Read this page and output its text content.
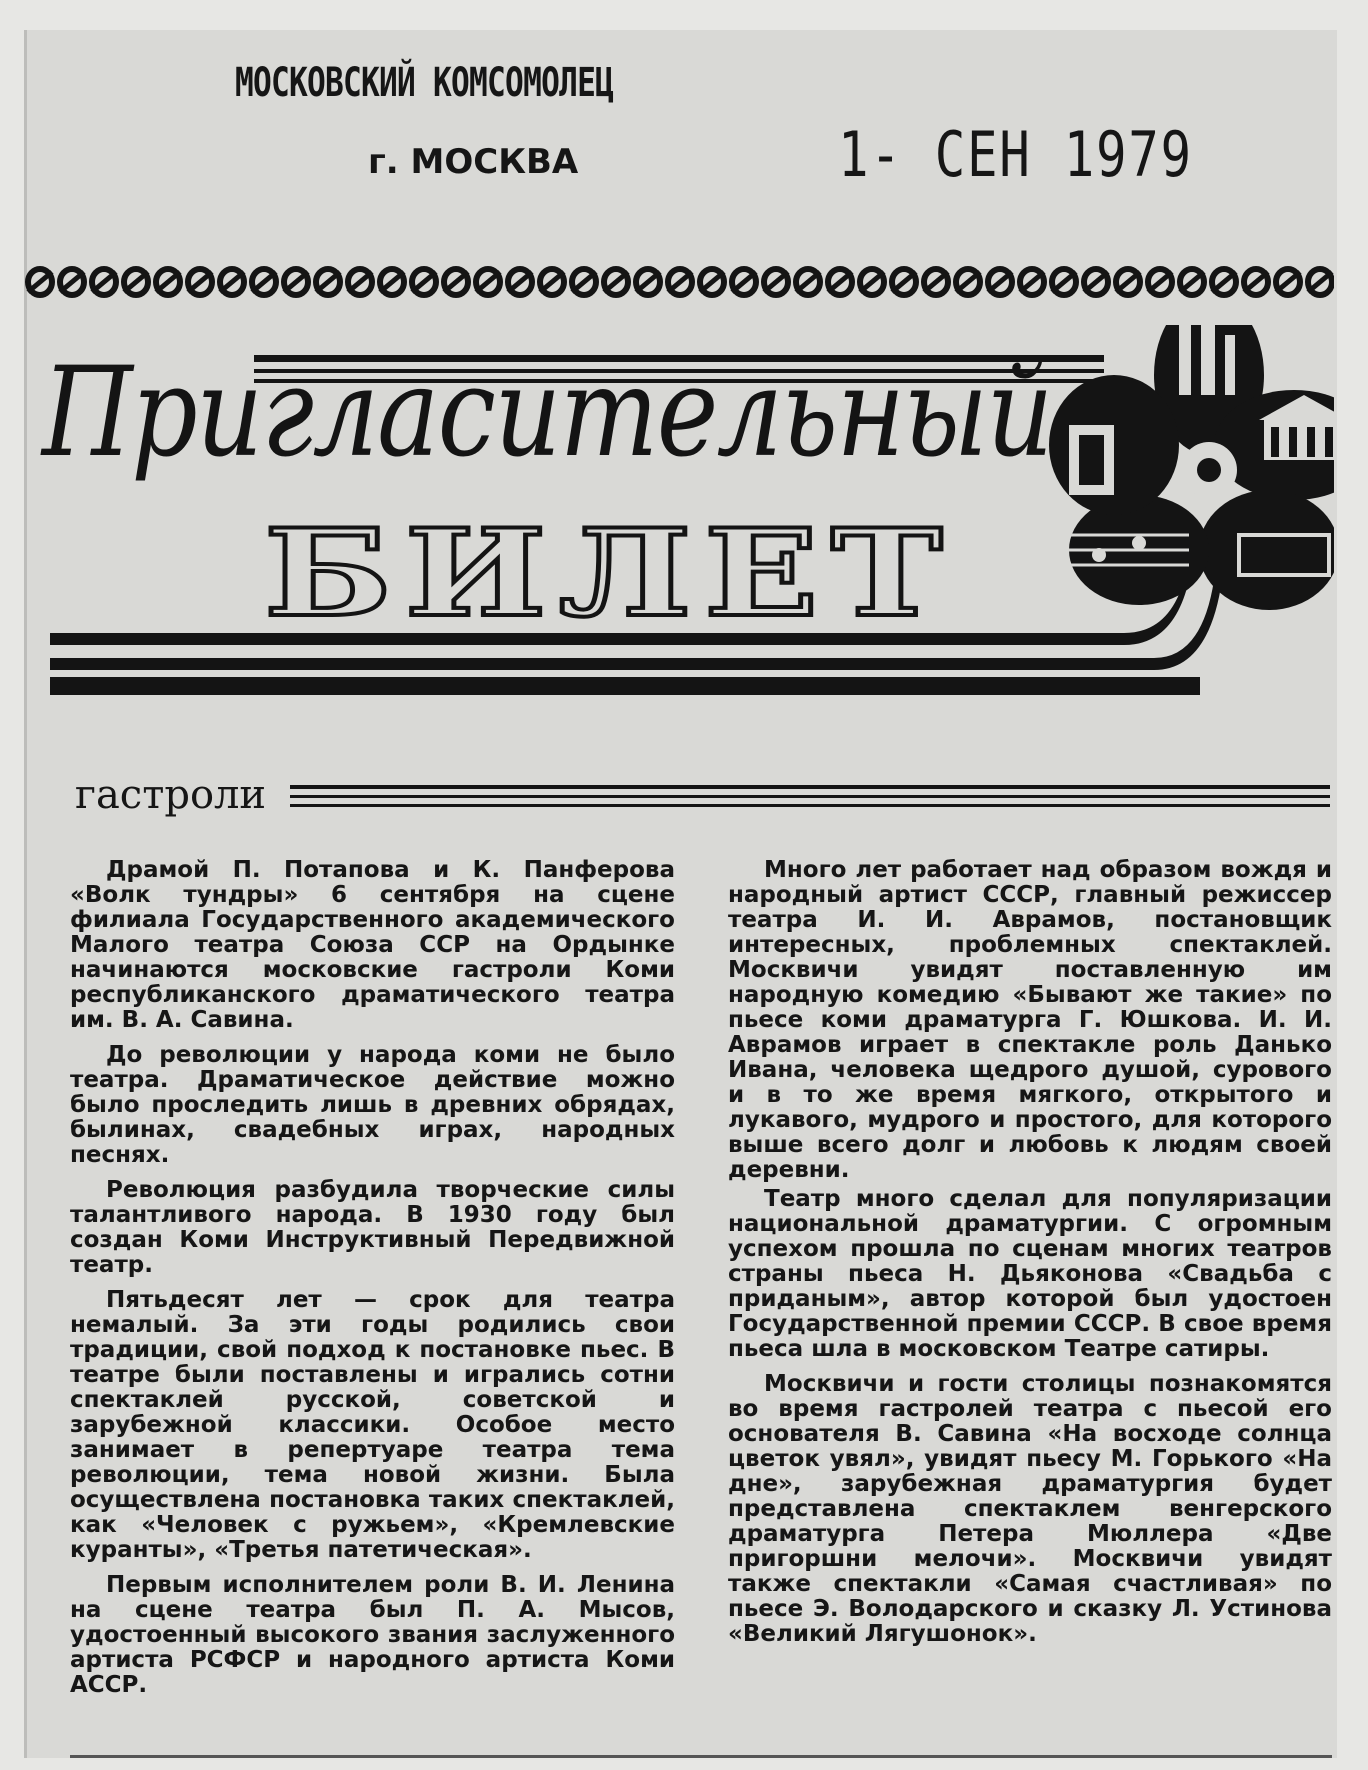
МОСКОВСКИЙ КОМСОМОЛЕЦ
г. МОСКВА	1- СЕН 1979
Пригласительный
БИЛЕТ
гастроли

Драмой П. Потапова и К. Панферова «Волк тундры» 6 сентября на сцене филиала Государственного академического Малого театра Союза ССР на Ордынке начинаются московские гастроли Коми республиканского драматического театра им. В. А. Савина.

До революции у народа коми не было театра. Драматическое действие можно было проследить лишь в древних обрядах, былинах, свадебных играх, народных песнях.

Революция разбудила творческие силы талантливого народа. В 1930 году был создан Коми Инструктивный Передвижной театр.

Пятьдесят лет — срок для театра немалый. За эти годы родились свои традиции, свой подход к постановке пьес. В театре были поставлены и игрались сотни спектаклей русской, советской и зарубежной классики. Особое место занимает в репертуаре театра тема революции, тема новой жизни. Была осуществлена постановка таких спектаклей, как «Человек с ружьем», «Кремлевские куранты», «Третья патетическая».

Первым исполнителем роли В. И. Ленина на сцене театра был П. А. Мысов, удостоенный высокого звания заслуженного артиста РСФСР и народного артиста Коми АССР.

Много лет работает над образом вождя и народный артист СССР, главный режиссер театра И. И. Аврамов, постановщик интересных, проблемных спектаклей. Москвичи увидят поставленную им народную комедию «Бывают же такие» по пьесе коми драматурга Г. Юшкова. И. И. Аврамов играет в спектакле роль Данько Ивана, человека щедрого душой, сурового и в то же время мягкого, открытого и лукавого, мудрого и простого, для которого выше всего долг и любовь к людям своей деревни.

Театр много сделал для популяризации национальной драматургии. С огромным успехом прошла по сценам многих театров страны пьеса Н. Дьяконова «Свадьба с приданым», автор которой был удостоен Государственной премии СССР. В свое время пьеса шла в московском Театре сатиры.

Москвичи и гости столицы познакомятся во время гастролей театра с пьесой его основателя В. Савина «На восходе солнца цветок увял», увидят пьесу М. Горького «На дне», зарубежная драматургия будет представлена спектаклем венгерского драматурга Петера Мюллера «Две пригоршни мелочи». Москвичи увидят также спектакли «Самая счастливая» по пьесе Э. Володарского и сказку Л. Устинова «Великий Лягушонок».
